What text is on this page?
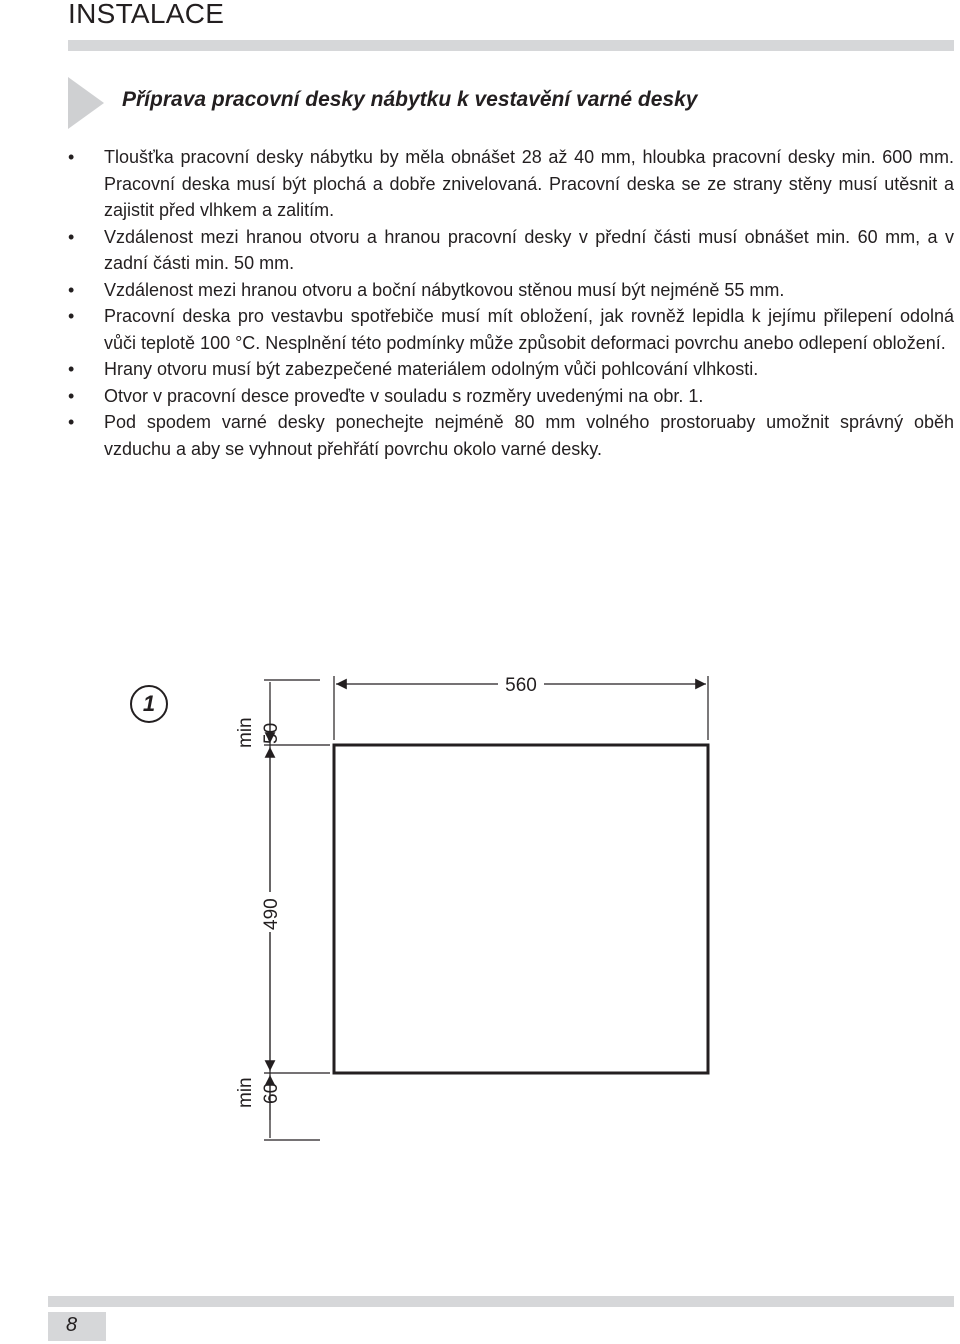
INSTALACE
Příprava pracovní desky nábytku k vestavění varné desky
• Tloušťka pracovní desky nábytku by měla obnášet 28 až 40 mm, hloubka pracovní desky min. 600 mm. Pracovní deska musí být plochá a dobře znivelovaná. Pracovní deska se ze strany stěny musí utěsnit a zajistit před vlhkem a zalitím.
• Vzdálenost mezi hranou otvoru a hranou pracovní desky v přední části musí obnášet min. 60 mm, a v zadní části min. 50 mm.
• Vzdálenost mezi hranou otvoru a boční nábytkovou stěnou musí být nejméně 55 mm.
• Pracovní deska pro vestavbu spotřebiče musí mít obložení, jak rovněž lepidla k jejímu přilepení odolná vůči teplotě 100 °C. Nesplnění této podmínky může způsobit deformaci povrchu anebo odlepení obložení.
• Hrany otvoru musí být zabezpečené materiálem odolným vůči pohlcování vlhkosti.
• Otvor v pracovní desce proveďte v souladu s rozměry uvedenými na obr. 1.
• Pod spodem varné desky ponechejte nejméně 80 mm volného prostoruaby umožnit správný oběh vzduchu a aby se vyhnout přehřátí povrchu okolo varné desky.
1
560
min 50
490
min 60
8
